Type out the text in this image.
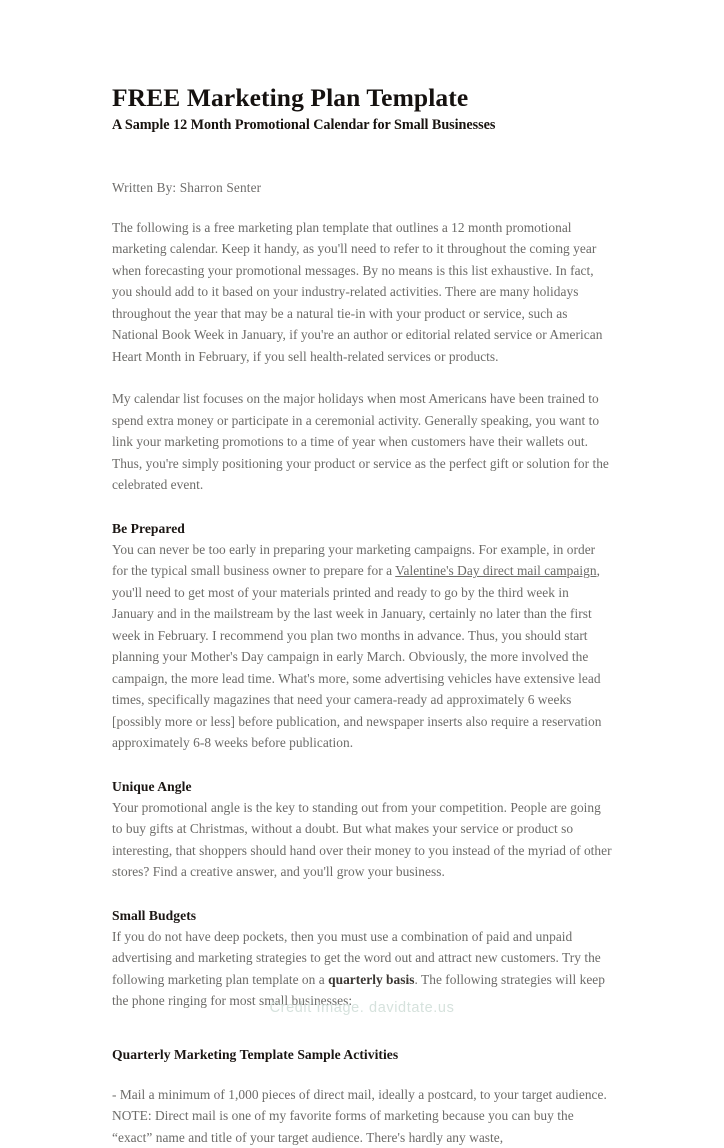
FREE Marketing Plan Template
A Sample 12 Month Promotional Calendar for Small Businesses

Written By: Sharron Senter

The following is a free marketing plan template that outlines a 12 month promotional marketing calendar. Keep it handy, as you'll need to refer to it throughout the coming year when forecasting your promotional messages. By no means is this list exhaustive. In fact, you should add to it based on your industry-related activities. There are many holidays throughout the year that may be a natural tie-in with your product or service, such as National Book Week in January, if you're an author or editorial related service or American Heart Month in February, if you sell health-related services or products.

My calendar list focuses on the major holidays when most Americans have been trained to spend extra money or participate in a ceremonial activity. Generally speaking, you want to link your marketing promotions to a time of year when customers have their wallets out. Thus, you're simply positioning your product or service as the perfect gift or solution for the celebrated event.

Be Prepared

You can never be too early in preparing your marketing campaigns. For example, in order for the typical small business owner to prepare for a Valentine's Day direct mail campaign, you'll need to get most of your materials printed and ready to go by the third week in January and in the mailstream by the last week in January, certainly no later than the first week in February. I recommend you plan two months in advance. Thus, you should start planning your Mother's Day campaign in early March. Obviously, the more involved the campaign, the more lead time. What's more, some advertising vehicles have extensive lead times, specifically magazines that need your camera-ready ad approximately 6 weeks [possibly more or less] before publication, and newspaper inserts also require a reservation approximately 6-8 weeks before publication.

Unique Angle

Your promotional angle is the key to standing out from your competition. People are going to buy gifts at Christmas, without a doubt. But what makes your service or product so interesting, that shoppers should hand over their money to you instead of the myriad of other stores? Find a creative answer, and you'll grow your business.

Small Budgets

If you do not have deep pockets, then you must use a combination of paid and unpaid advertising and marketing strategies to get the word out and attract new customers. Try the following marketing plan template on a quarterly basis. The following strategies will keep the phone ringing for most small businesses:

Quarterly Marketing Template Sample Activities

- Mail a minimum of 1,000 pieces of direct mail, ideally a postcard, to your target audience. NOTE: Direct mail is one of my favorite forms of marketing because you can buy the “exact” name and title of your target audience. There's hardly any waste,

Credit Image. davidtate.us
